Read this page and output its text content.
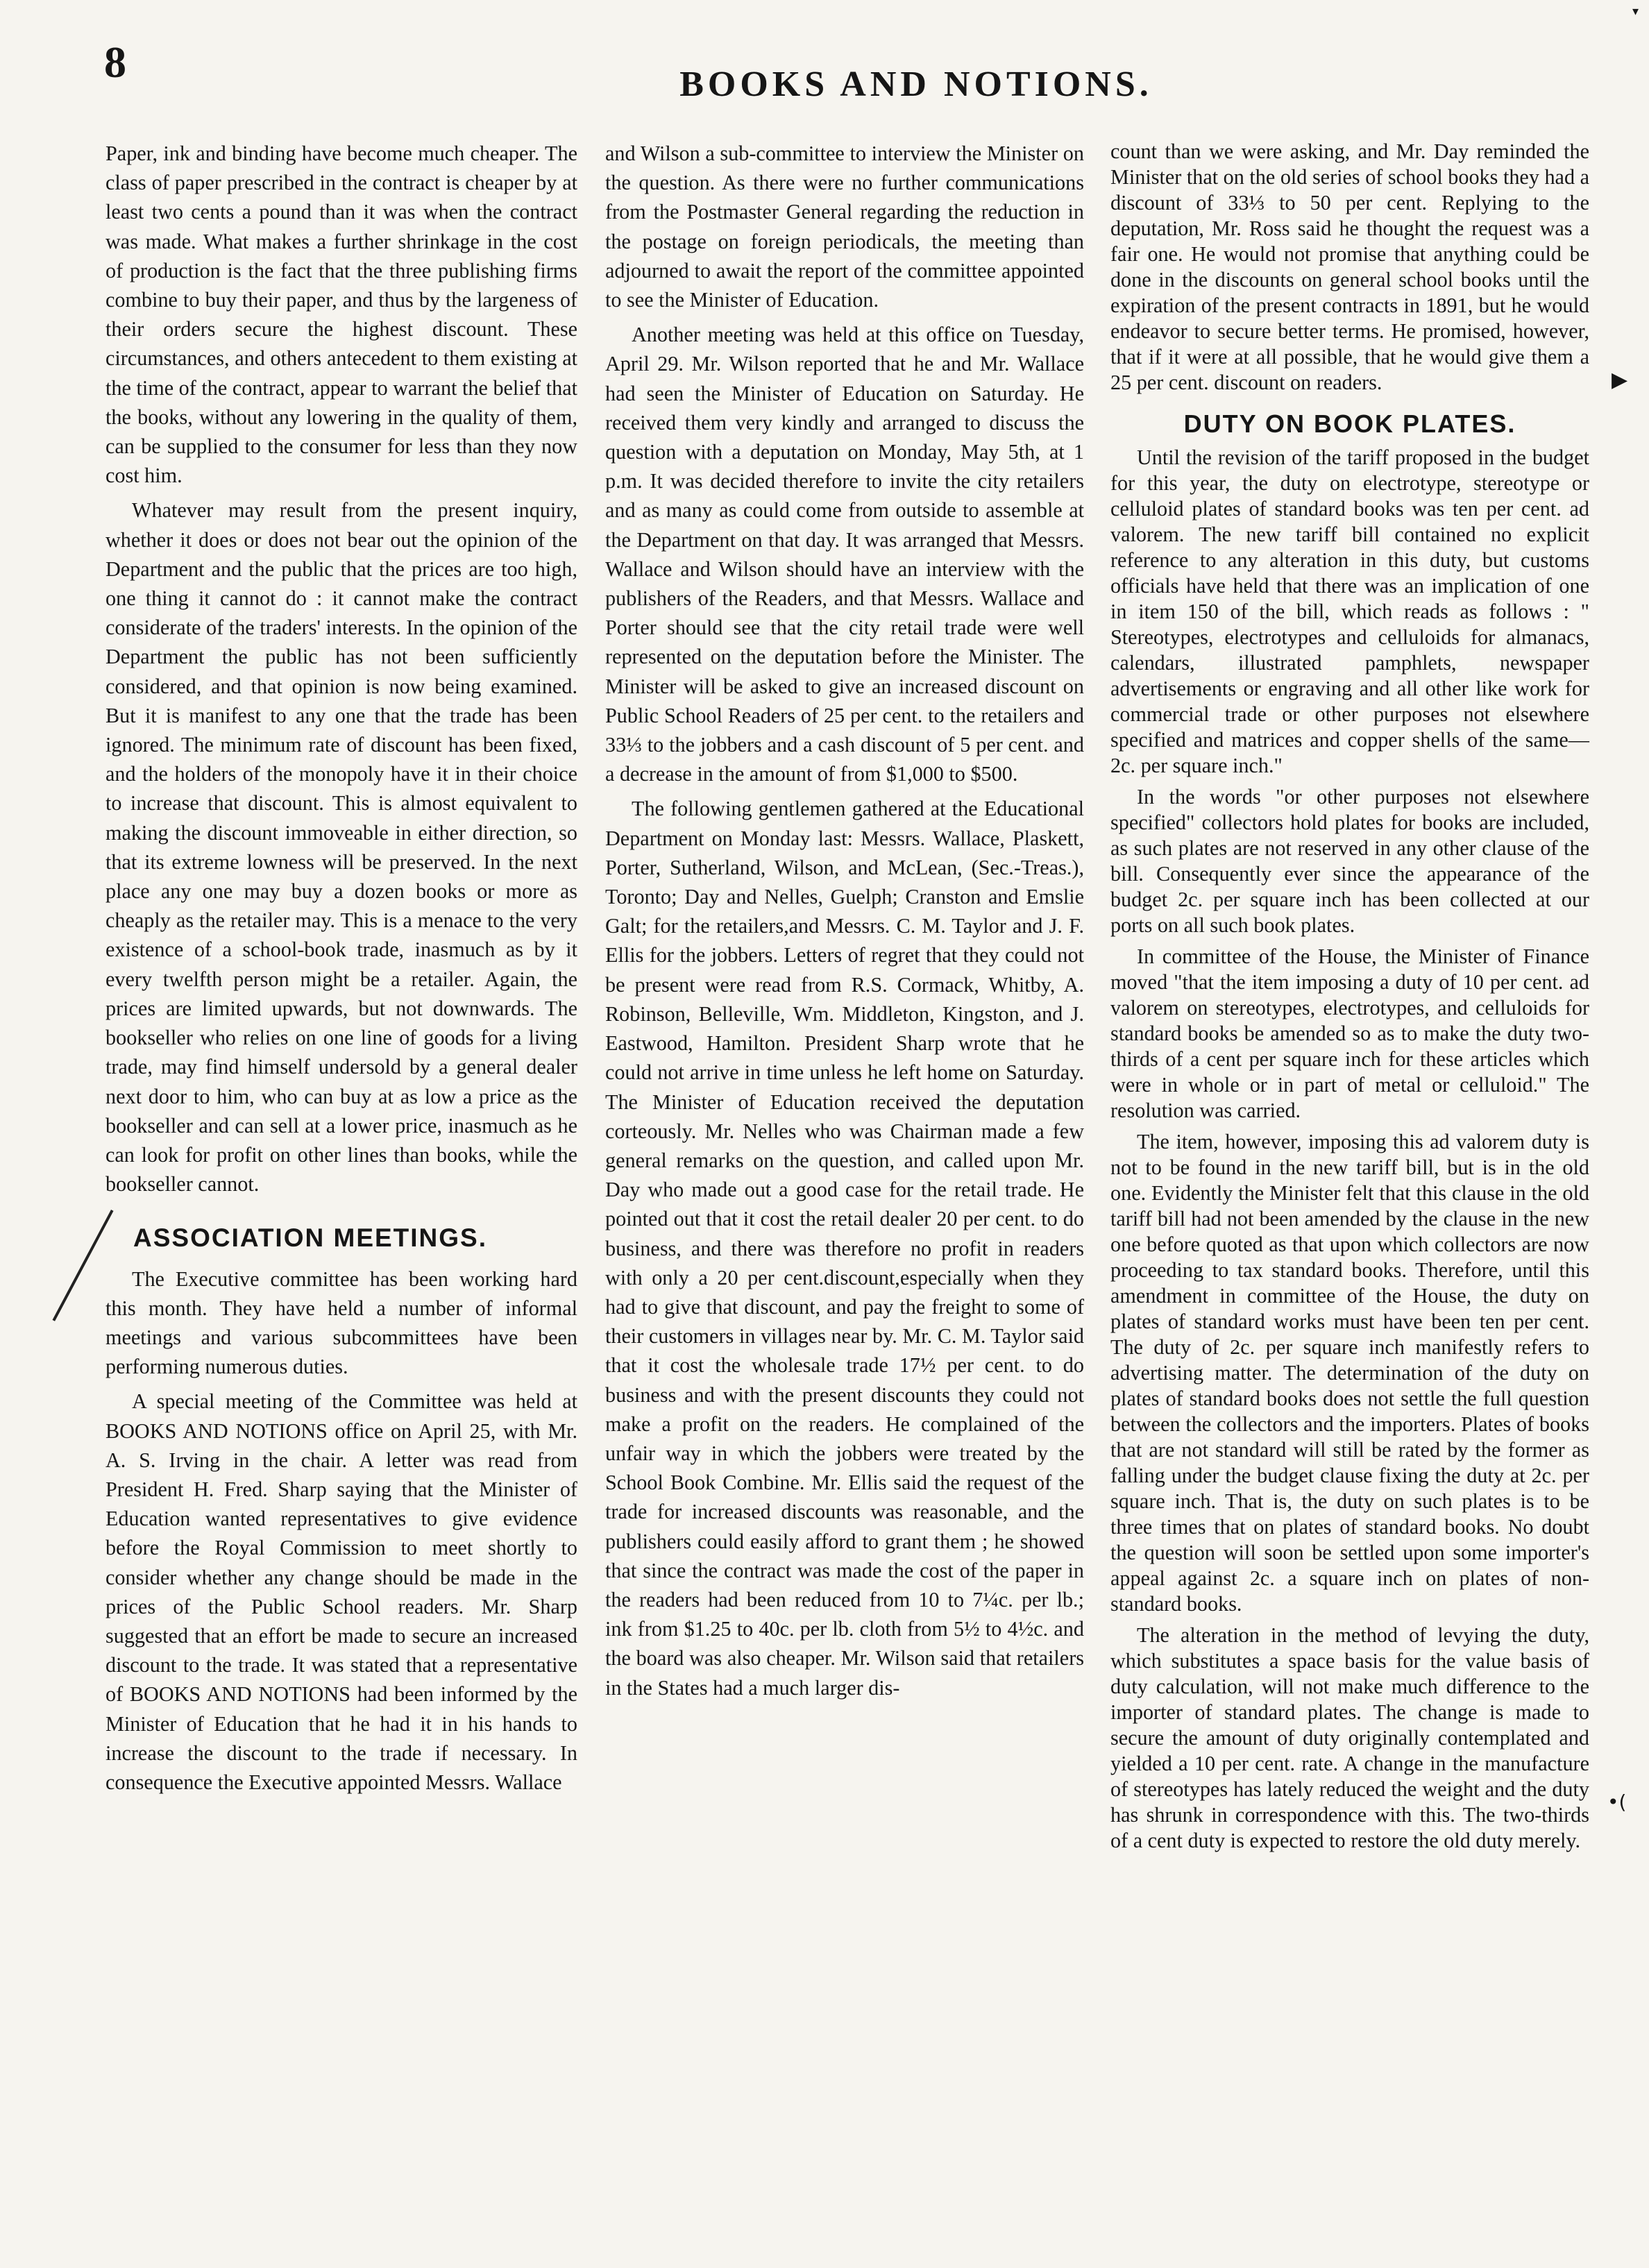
8	BOOKS AND NOTIONS.
▾

Paper, ink and binding have become much cheaper. The class of paper prescribed in the contract is cheaper by at least two cents a pound than it was when the contract was made. What makes a further shrinkage in the cost of production is the fact that the three publishing firms combine to buy their paper, and thus by the largeness of their orders secure the highest discount. These circumstances, and others antecedent to them existing at the time of the contract, appear to warrant the belief that the books, without any lowering in the quality of them, can be supplied to the consumer for less than they now cost him.

Whatever may result from the present inquiry, whether it does or does not bear out the opinion of the Department and the public that the prices are too high, one thing it cannot do : it cannot make the contract considerate of the traders' interests. In the opinion of the Department the public has not been sufficiently considered, and that opinion is now being examined. But it is manifest to any one that the trade has been ignored. The minimum rate of discount has been fixed, and the holders of the monopoly have it in their choice to increase that discount. This is almost equivalent to making the discount immoveable in either direction, so that its extreme lowness will be preserved. In the next place any one may buy a dozen books or more as cheaply as the retailer may. This is a menace to the very existence of a school-book trade, inasmuch as by it every twelfth person might be a retailer. Again, the prices are limited upwards, but not downwards. The bookseller who relies on one line of goods for a living trade, may find himself undersold by a general dealer next door to him, who can buy at as low a price as the bookseller and can sell at a lower price, inasmuch as he can look for profit on other lines than books, while the bookseller cannot.

ASSOCIATION MEETINGS.

The Executive committee has been working hard this month. They have held a number of informal meetings and various subcommittees have been performing numerous duties.

A special meeting of the Committee was held at BOOKS AND NOTIONS office on April 25, with Mr. A. S. Irving in the chair. A letter was read from President H. Fred. Sharp saying that the Minister of Education wanted representatives to give evidence before the Royal Commission to meet shortly to consider whether any change should be made in the prices of the Public School readers. Mr. Sharp suggested that an effort be made to secure an increased discount to the trade. It was stated that a representative of BOOKS AND NOTIONS had been informed by the Minister of Education that he had it in his hands to increase the discount to the trade if necessary. In consequence the Executive appointed Messrs. Wallace

and Wilson a sub-committee to interview the Minister on the question. As there were no further communications from the Postmaster General regarding the reduction in the postage on foreign periodicals, the meeting than adjourned to await the report of the committee appointed to see the Minister of Education.

Another meeting was held at this office on Tuesday, April 29. Mr. Wilson reported that he and Mr. Wallace had seen the Minister of Education on Saturday. He received them very kindly and arranged to discuss the question with a deputation on Monday, May 5th, at 1 p.m. It was decided therefore to invite the city retailers and as many as could come from outside to assemble at the Department on that day. It was arranged that Messrs. Wallace and Wilson should have an interview with the publishers of the Readers, and that Messrs. Wallace and Porter should see that the city retail trade were well represented on the deputation before the Minister. The Minister will be asked to give an increased discount on Public School Readers of 25 per cent. to the retailers and 33⅓ to the jobbers and a cash discount of 5 per cent. and a decrease in the amount of from $1,000 to $500.

The following gentlemen gathered at the Educational Department on Monday last: Messrs. Wallace, Plaskett, Porter, Sutherland, Wilson, and McLean, (Sec.-Treas.), Toronto; Day and Nelles, Guelph; Cranston and Emslie Galt; for the retailers,and Messrs. C. M. Taylor and J. F. Ellis for the jobbers. Letters of regret that they could not be present were read from R.S. Cormack, Whitby, A. Robinson, Belleville, Wm. Middleton, Kingston, and J. Eastwood, Hamilton. President Sharp wrote that he could not arrive in time unless he left home on Saturday. The Minister of Education received the deputation corteously. Mr. Nelles who was Chairman made a few general remarks on the question, and called upon Mr. Day who made out a good case for the retail trade. He pointed out that it cost the retail dealer 20 per cent. to do business, and there was therefore no profit in readers with only a 20 per cent.discount,especially when they had to give that discount, and pay the freight to some of their customers in villages near by. Mr. C. M. Taylor said that it cost the wholesale trade 17½ per cent. to do business and with the present discounts they could not make a profit on the readers. He complained of the unfair way in which the jobbers were treated by the School Book Combine. Mr. Ellis said the request of the trade for increased discounts was reasonable, and the publishers could easily afford to grant them ; he showed that since the contract was made the cost of the paper in the readers had been reduced from 10 to 7¼c. per lb.; ink from $1.25 to 40c. per lb. cloth from 5½ to 4½c. and the board was also cheaper. Mr. Wilson said that retailers in the States had a much larger dis-

count than we were asking, and Mr. Day reminded the Minister that on the old series of school books they had a discount of 33⅓ to 50 per cent. Replying to the deputation, Mr. Ross said he thought the request was a fair one. He would not promise that anything could be done in the discounts on general school books until the expiration of the present contracts in 1891, but he would endeavor to secure better terms. He promised, however, that if it were at all possible, that he would give them a 25 per cent. discount on readers.

DUTY ON BOOK PLATES.

Until the revision of the tariff proposed in the budget for this year, the duty on electrotype, stereotype or celluloid plates of standard books was ten per cent. ad valorem. The new tariff bill contained no explicit reference to any alteration in this duty, but customs officials have held that there was an implication of one in item 150 of the bill, which reads as follows : " Stereotypes, electrotypes and celluloids for almanacs, calendars, illustrated pamphlets, newspaper advertisements or engraving and all other like work for commercial trade or other purposes not elsewhere specified and matrices and copper shells of the same—2c. per square inch."

In the words "or other purposes not elsewhere specified" collectors hold plates for books are included, as such plates are not reserved in any other clause of the bill. Consequently ever since the appearance of the budget 2c. per square inch has been collected at our ports on all such book plates.

In committee of the House, the Minister of Finance moved "that the item imposing a duty of 10 per cent. ad valorem on stereotypes, electrotypes, and celluloids for standard books be amended so as to make the duty two-thirds of a cent per square inch for these articles which were in whole or in part of metal or celluloid." The resolution was carried.

The item, however, imposing this ad valorem duty is not to be found in the new tariff bill, but is in the old one. Evidently the Minister felt that this clause in the old tariff bill had not been amended by the clause in the new one before quoted as that upon which collectors are now proceeding to tax standard books. Therefore, until this amendment in committee of the House, the duty on plates of standard works must have been ten per cent. The duty of 2c. per square inch manifestly refers to advertising matter. The determination of the duty on plates of standard books does not settle the full question between the collectors and the importers. Plates of books that are not standard will still be rated by the former as falling under the budget clause fixing the duty at 2c. per square inch. That is, the duty on such plates is to be three times that on plates of standard books. No doubt the question will soon be settled upon some importer's appeal against 2c. a square inch on plates of non-standard books.

The alteration in the method of levying the duty, which substitutes a space basis for the value basis of duty calculation, will not make much difference to the importer of standard plates. The change is made to secure the amount of duty originally contemplated and yielded a 10 per cent. rate. A change in the manufacture of stereotypes has lately reduced the weight and the duty has shrunk in correspondence with this. The two-thirds of a cent duty is expected to restore the old duty merely.

▶
•(
